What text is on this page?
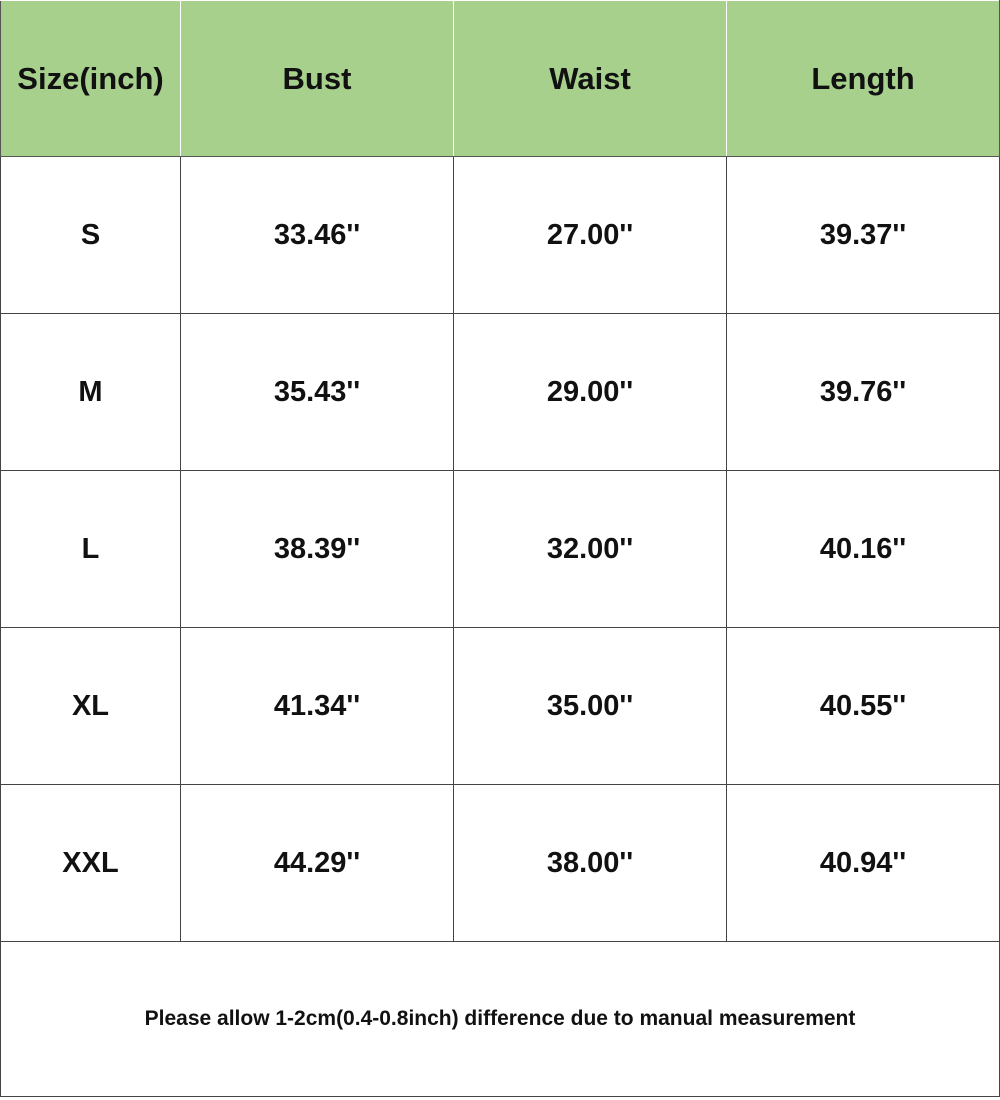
Size(inch)	Bust	Waist	Length
S	33.46''	27.00''	39.37''
M	35.43''	29.00''	39.76''
L	38.39''	32.00''	40.16''
XL	41.34''	35.00''	40.55''
XXL	44.29''	38.00''	40.94''
Please allow 1-2cm(0.4-0.8inch) difference due to manual measurement			
